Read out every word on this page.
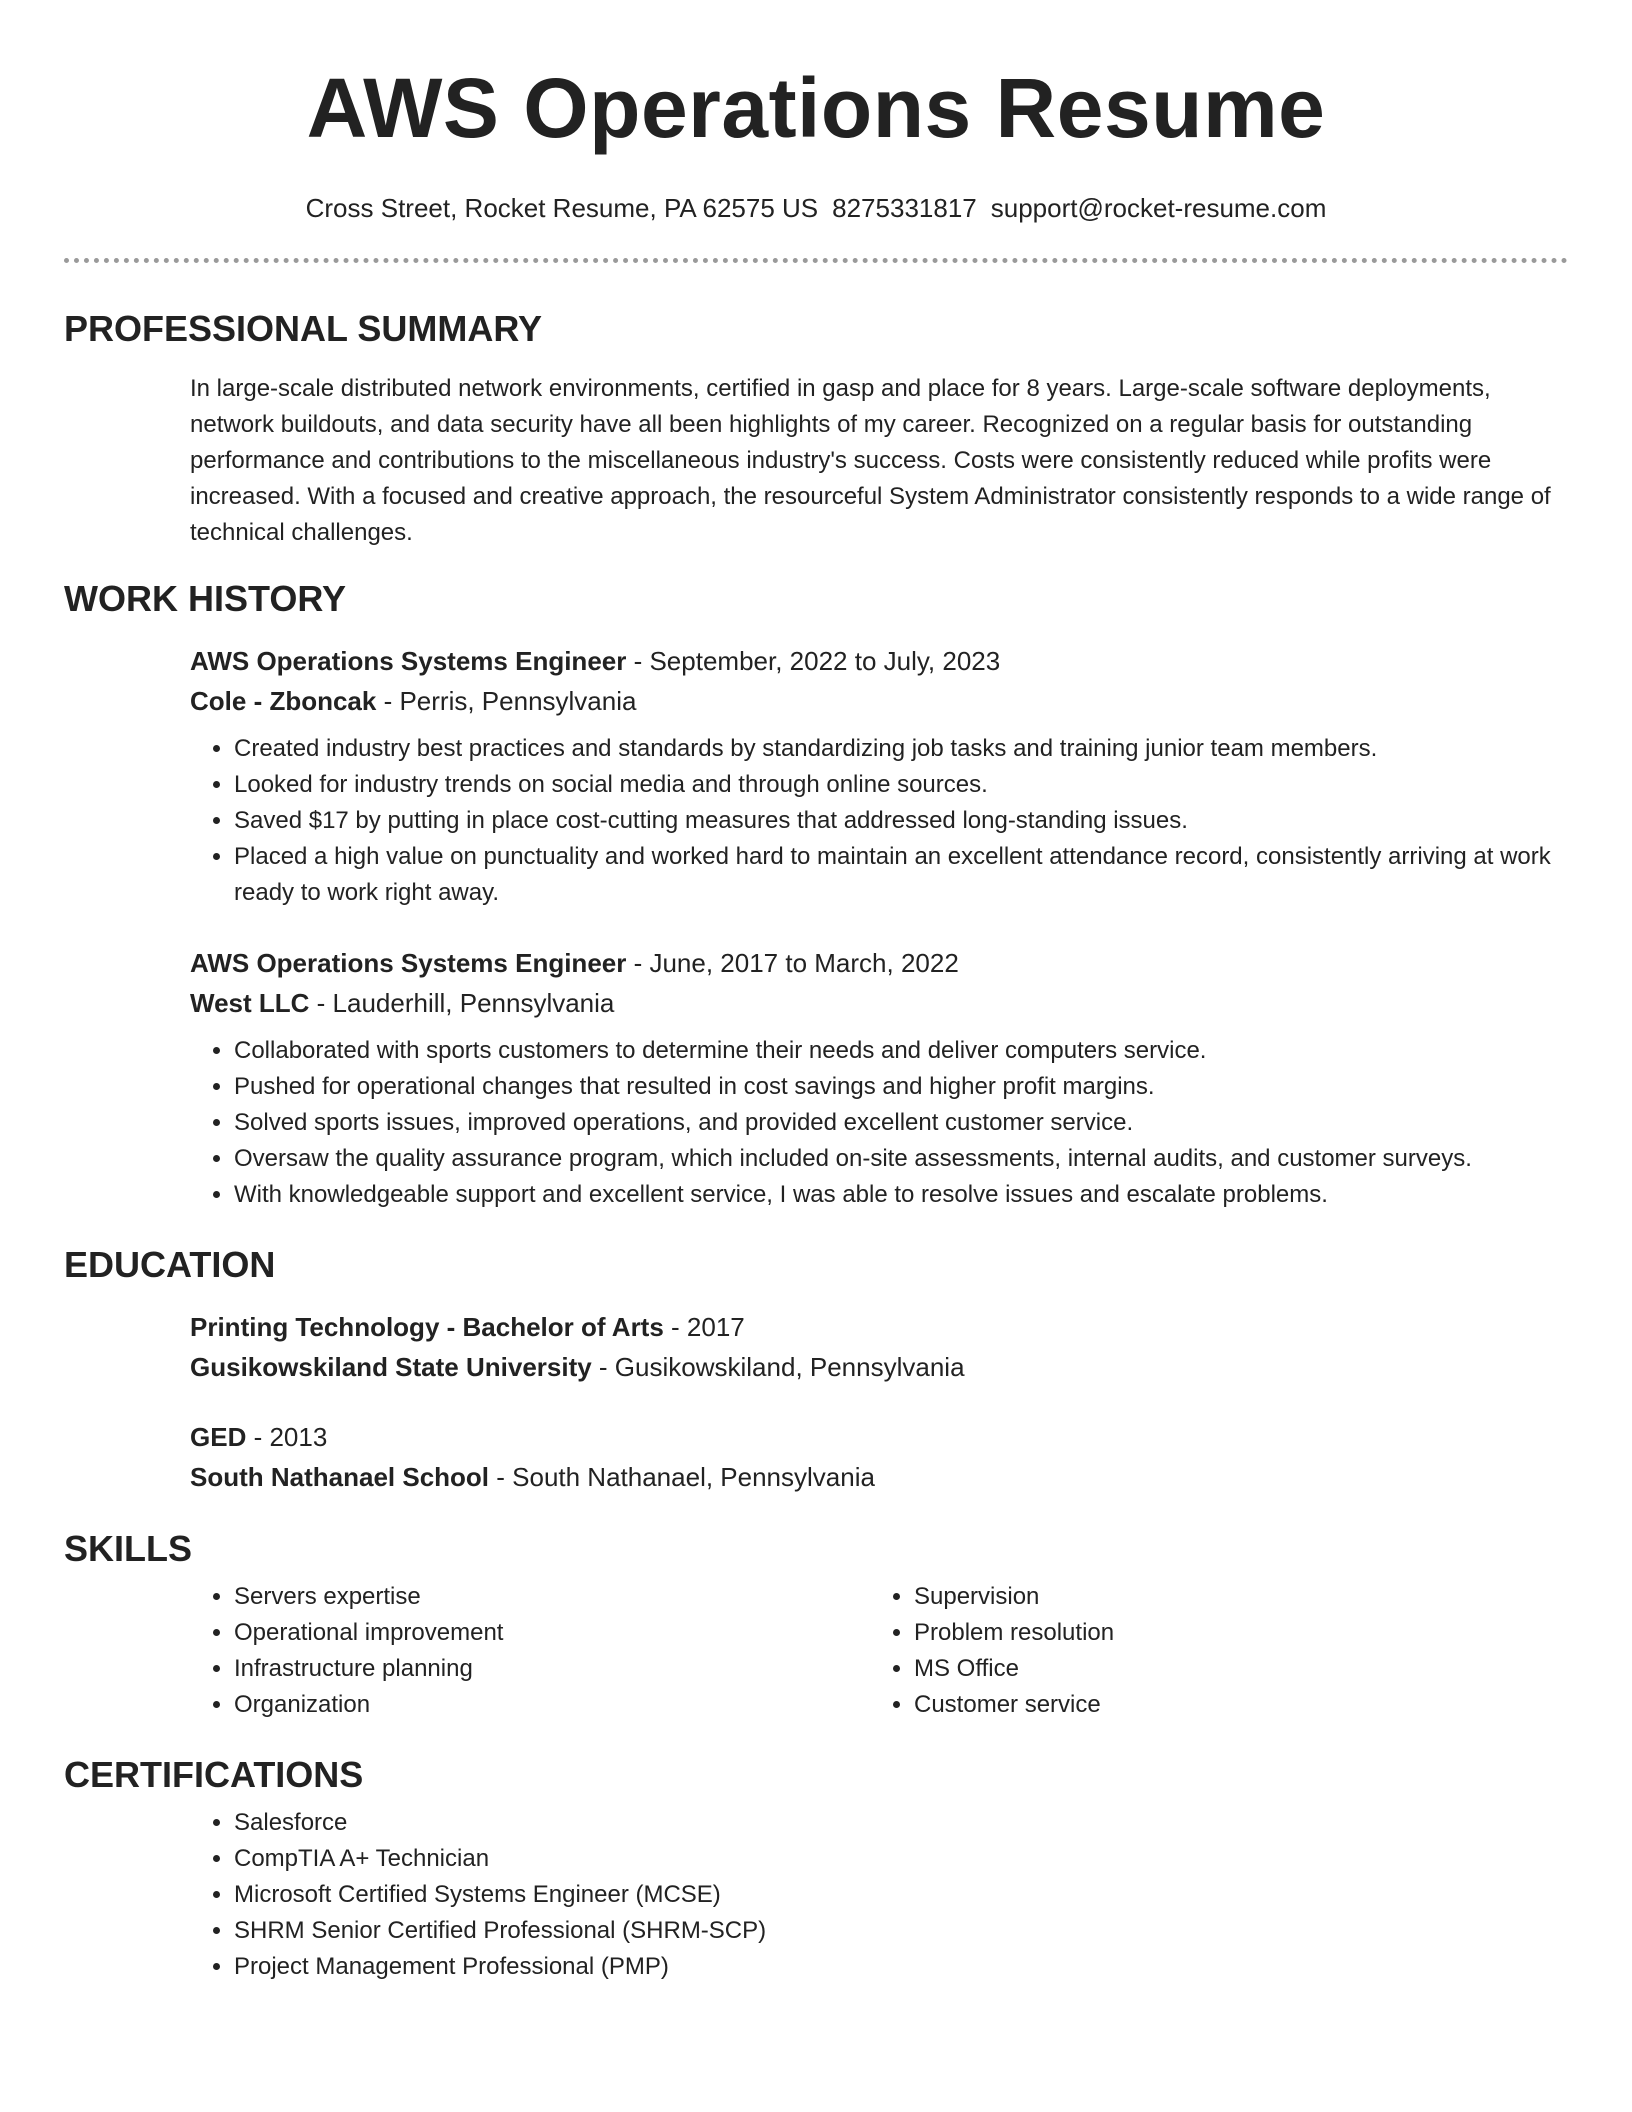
AWS Operations Resume
Cross Street, Rocket Resume, PA 62575 US 8275331817 support@rocket-resume.com
PROFESSIONAL SUMMARY

In large-scale distributed network environments, certified in gasp and place for 8 years. Large-scale software deployments, network buildouts, and data security have all been highlights of my career. Recognized on a regular basis for outstanding performance and contributions to the miscellaneous industry's success. Costs were consistently reduced while profits were increased. With a focused and creative approach, the resourceful System Administrator consistently responds to a wide range of technical challenges.

WORK HISTORY
AWS Operations Systems Engineer - September, 2022 to July, 2023
Cole - Zboncak - Perris, Pennsylvania
• Created industry best practices and standards by standardizing job tasks and training junior team members.
• Looked for industry trends on social media and through online sources.
• Saved $17 by putting in place cost-cutting measures that addressed long-standing issues.
• Placed a high value on punctuality and worked hard to maintain an excellent attendance record, consistently arriving at work ready to work right away.
AWS Operations Systems Engineer - June, 2017 to March, 2022
West LLC - Lauderhill, Pennsylvania
• Collaborated with sports customers to determine their needs and deliver computers service.
• Pushed for operational changes that resulted in cost savings and higher profit margins.
• Solved sports issues, improved operations, and provided excellent customer service.
• Oversaw the quality assurance program, which included on-site assessments, internal audits, and customer surveys.
• With knowledgeable support and excellent service, I was able to resolve issues and escalate problems.
EDUCATION
Printing Technology - Bachelor of Arts - 2017
Gusikowskiland State University - Gusikowskiland, Pennsylvania
GED - 2013
South Nathanael School - South Nathanael, Pennsylvania
SKILLS
• Servers expertise
• Operational improvement
• Infrastructure planning
• Organization
• Supervision
• Problem resolution
• MS Office
• Customer service
CERTIFICATIONS
• Salesforce
• CompTIA A+ Technician
• Microsoft Certified Systems Engineer (MCSE)
• SHRM Senior Certified Professional (SHRM-SCP)
• Project Management Professional (PMP)
